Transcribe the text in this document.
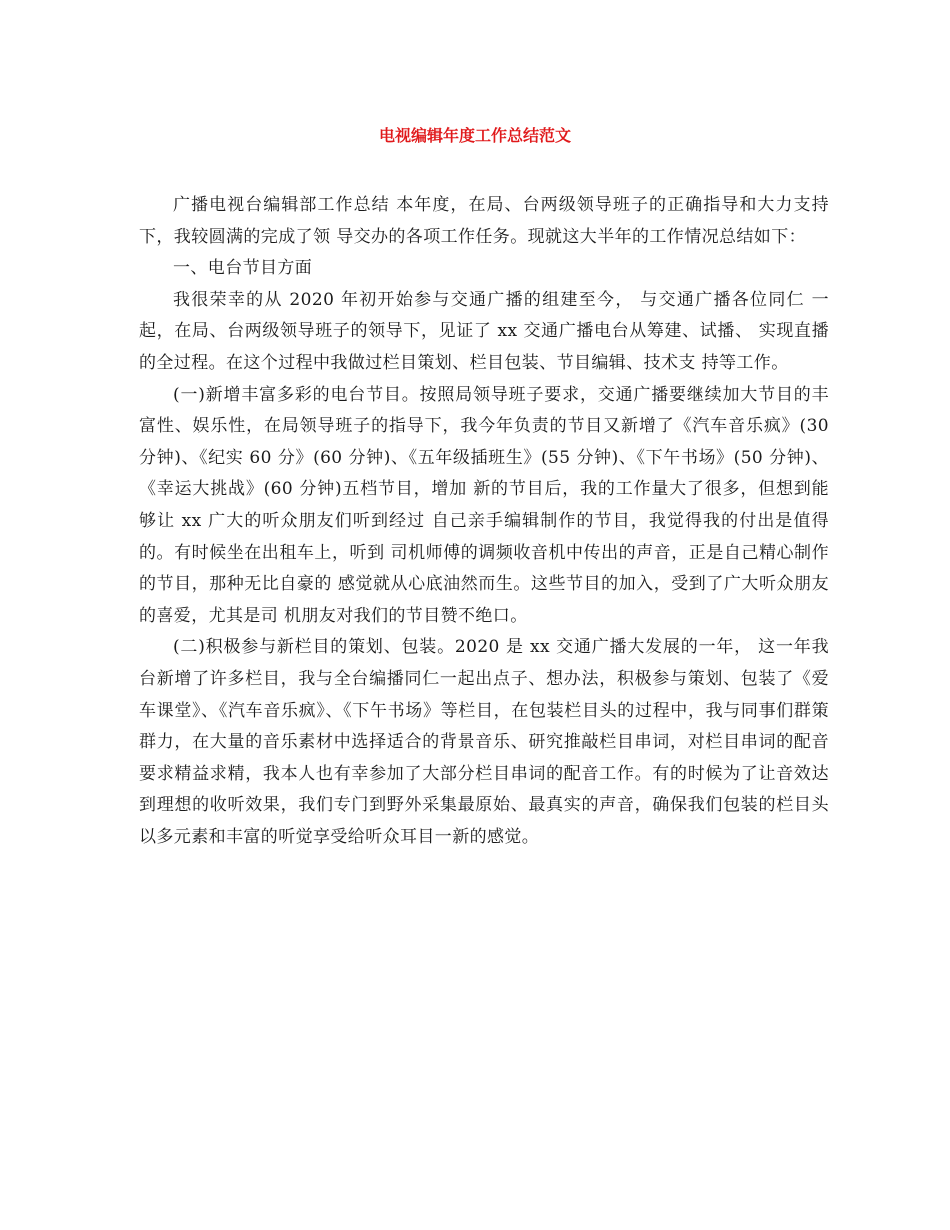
电视编辑年度工作总结范文

广播电视台编辑部工作总结 本年度，在局、台两级领导班子的正确指导和大力支持下，我较圆满的完成了领 导交办的各项工作任务。现就这大半年的工作情况总结如下：

一、电台节目方面

我很荣幸的从 2020 年初开始参与交通广播的组建至今， 与交通广播各位同仁 一起，在局、台两级领导班子的领导下，见证了 xx 交通广播电台从筹建、试播、 实现直播的全过程。在这个过程中我做过栏目策划、栏目包装、节目编辑、技术支 持等工作。

(一)新增丰富多彩的电台节目。按照局领导班子要求，交通广播要继续加大节目的丰富性、娱乐性，在局领导班子的指导下，我今年负责的节目又新增了《汽车音乐疯》(30 分钟)、《纪实 60 分》(60 分钟)、《五年级插班生》(55 分钟)、《下午书场》(50 分钟)、《幸运大挑战》(60 分钟)五档节目，增加 新的节目后，我的工作量大了很多，但想到能够让 xx 广大的听众朋友们听到经过 自己亲手编辑制作的节目，我觉得我的付出是值得的。有时候坐在出租车上，听到 司机师傅的调频收音机中传出的声音，正是自己精心制作的节目，那种无比自豪的 感觉就从心底油然而生。这些节目的加入，受到了广大听众朋友的喜爱，尤其是司 机朋友对我们的节目赞不绝口。

(二)积极参与新栏目的策划、包装。2020 是 xx 交通广播大发展的一年， 这一年我台新增了许多栏目，我与全台编播同仁一起出点子、想办法，积极参与策划、包装了《爱车课堂》、《汽车音乐疯》、《下午书场》等栏目，在包装栏目头的过程中，我与同事们群策群力，在大量的音乐素材中选择适合的背景音乐、研究推敲栏目串词，对栏目串词的配音要求精益求精，我本人也有幸参加了大部分栏目串词的配音工作。有的时候为了让音效达到理想的收听效果，我们专门到野外采集最原始、最真实的声音，确保我们包装的栏目头以多元素和丰富的听觉享受给听众耳目一新的感觉。
